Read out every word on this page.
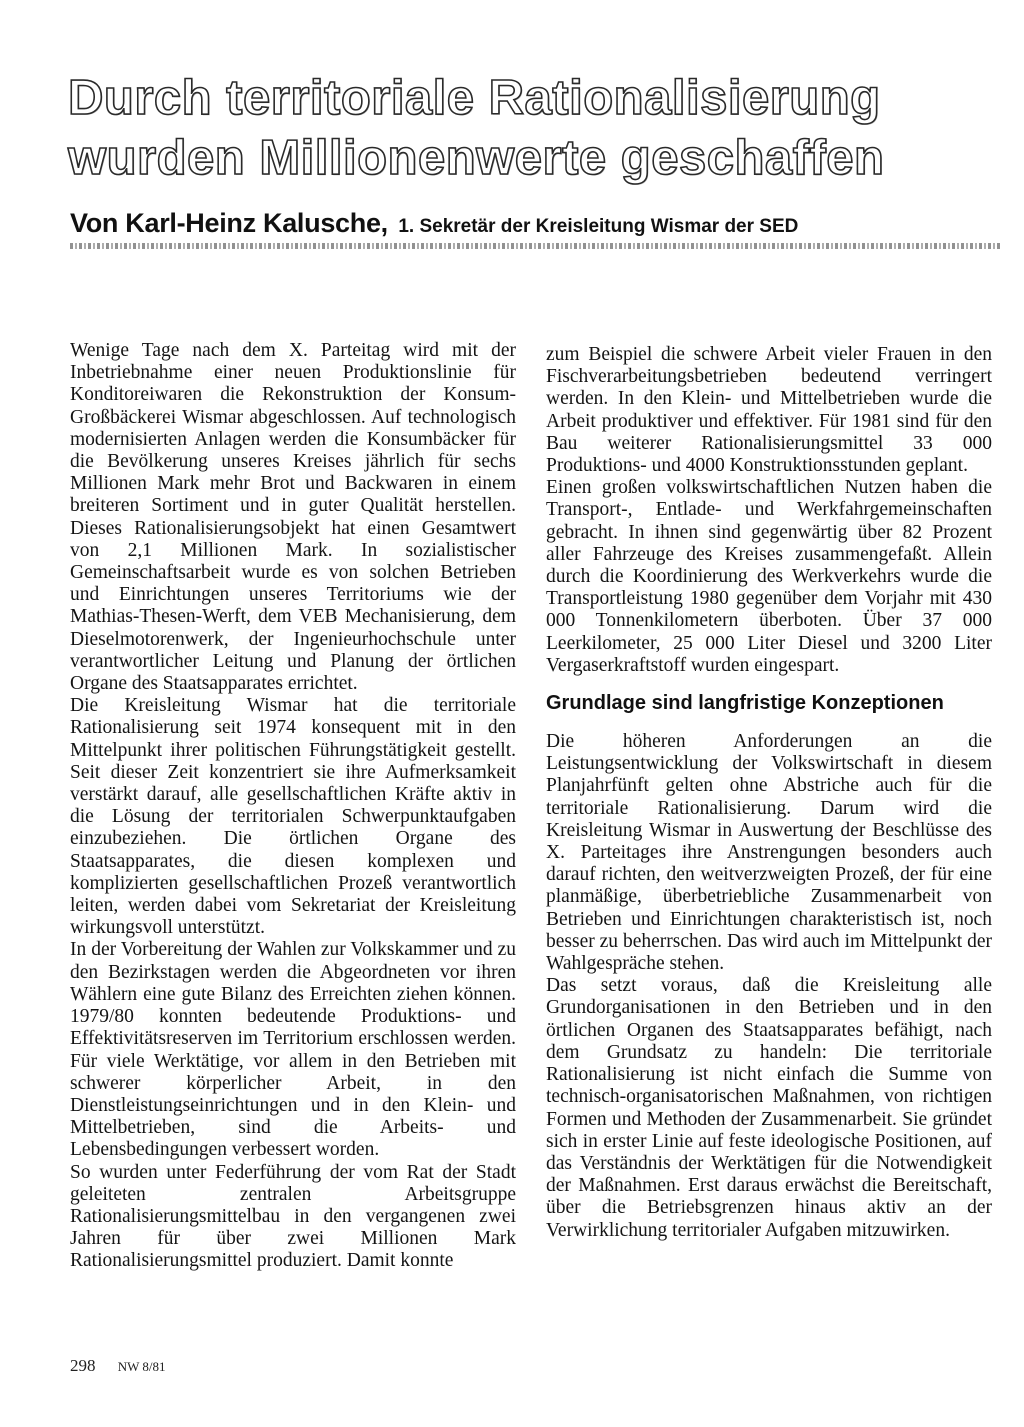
Durch territoriale Rationalisierung
wurden Millionenwerte geschaffen
Von Karl-Heinz Kalusche, 1. Sekretär der Kreisleitung Wismar der SED

Wenige Tage nach dem X. Parteitag wird mit der Inbetriebnahme einer neuen Produktionslinie für Konditoreiwaren die Rekonstruktion der Konsum-Großbäckerei Wismar abgeschlossen. Auf technologisch modernisierten Anlagen werden die Konsumbäcker für die Bevölkerung unseres Kreises jährlich für sechs Millionen Mark mehr Brot und Backwaren in einem breiteren Sortiment und in guter Qualität herstellen. Dieses Rationalisierungsobjekt hat einen Gesamtwert von 2,1 Millionen Mark. In sozialistischer Gemeinschaftsarbeit wurde es von solchen Betrieben und Einrichtungen unseres Territoriums wie der Mathias-Thesen-Werft, dem VEB Mechanisierung, dem Dieselmotorenwerk, der Ingenieurhochschule unter verantwortlicher Leitung und Planung der örtlichen Organe des Staatsapparates errichtet.

Die Kreisleitung Wismar hat die territoriale Rationalisierung seit 1974 konsequent mit in den Mittelpunkt ihrer politischen Führungstätigkeit gestellt. Seit dieser Zeit konzentriert sie ihre Aufmerksamkeit verstärkt darauf, alle gesellschaftlichen Kräfte aktiv in die Lösung der territorialen Schwerpunktaufgaben einzubeziehen. Die örtlichen Organe des Staatsapparates, die diesen komplexen und komplizierten gesellschaftlichen Prozeß verantwortlich leiten, werden dabei vom Sekretariat der Kreisleitung wirkungsvoll unterstützt.

In der Vorbereitung der Wahlen zur Volkskammer und zu den Bezirkstagen werden die Abgeordneten vor ihren Wählern eine gute Bilanz des Erreichten ziehen können. 1979/80 konnten bedeutende Produktions- und Effektivitätsreserven im Territorium erschlossen werden. Für viele Werktätige, vor allem in den Betrieben mit schwerer körperlicher Arbeit, in den Dienstleistungseinrichtungen und in den Klein- und Mittelbetrieben, sind die Arbeits- und Lebensbedingungen verbessert worden.

So wurden unter Federführung der vom Rat der Stadt geleiteten zentralen Arbeitsgruppe Rationalisierungsmittelbau in den vergangenen zwei Jahren für über zwei Millionen Mark Rationalisierungsmittel produziert. Damit konnte

zum Beispiel die schwere Arbeit vieler Frauen in den Fischverarbeitungsbetrieben bedeutend verringert werden. In den Klein- und Mittelbetrieben wurde die Arbeit produktiver und effektiver. Für 1981 sind für den Bau weiterer Rationalisierungsmittel 33 000 Produktions- und 4000 Konstruktionsstunden geplant.

Einen großen volkswirtschaftlichen Nutzen haben die Transport-, Entlade- und Werkfahrgemeinschaften gebracht. In ihnen sind gegenwärtig über 82 Prozent aller Fahrzeuge des Kreises zusammengefaßt. Allein durch die Koordinierung des Werkverkehrs wurde die Transportleistung 1980 gegenüber dem Vorjahr mit 430 000 Tonnenkilometern überboten. Über 37 000 Leerkilometer, 25 000 Liter Diesel und 3200 Liter Vergaserkraftstoff wurden eingespart.

Grundlage sind langfristige Konzeptionen

Die höheren Anforderungen an die Leistungsentwicklung der Volkswirtschaft in diesem Planjahrfünft gelten ohne Abstriche auch für die territoriale Rationalisierung. Darum wird die Kreisleitung Wismar in Auswertung der Beschlüsse des X. Parteitages ihre Anstrengungen besonders auch darauf richten, den weitverzweigten Prozeß, der für eine planmäßige, überbetriebliche Zusammenarbeit von Betrieben und Einrichtungen charakteristisch ist, noch besser zu beherrschen. Das wird auch im Mittelpunkt der Wahlgespräche stehen.

Das setzt voraus, daß die Kreisleitung alle Grundorganisationen in den Betrieben und in den örtlichen Organen des Staatsapparates befähigt, nach dem Grundsatz zu handeln: Die territoriale Rationalisierung ist nicht einfach die Summe von technisch-organisatorischen Maßnahmen, von richtigen Formen und Methoden der Zusammenarbeit. Sie gründet sich in erster Linie auf feste ideologische Positionen, auf das Verständnis der Werktätigen für die Notwendigkeit der Maßnahmen. Erst daraus erwächst die Bereitschaft, über die Betriebsgrenzen hinaus aktiv an der Verwirklichung territorialer Aufgaben mitzuwirken.

298 NW 8/81
